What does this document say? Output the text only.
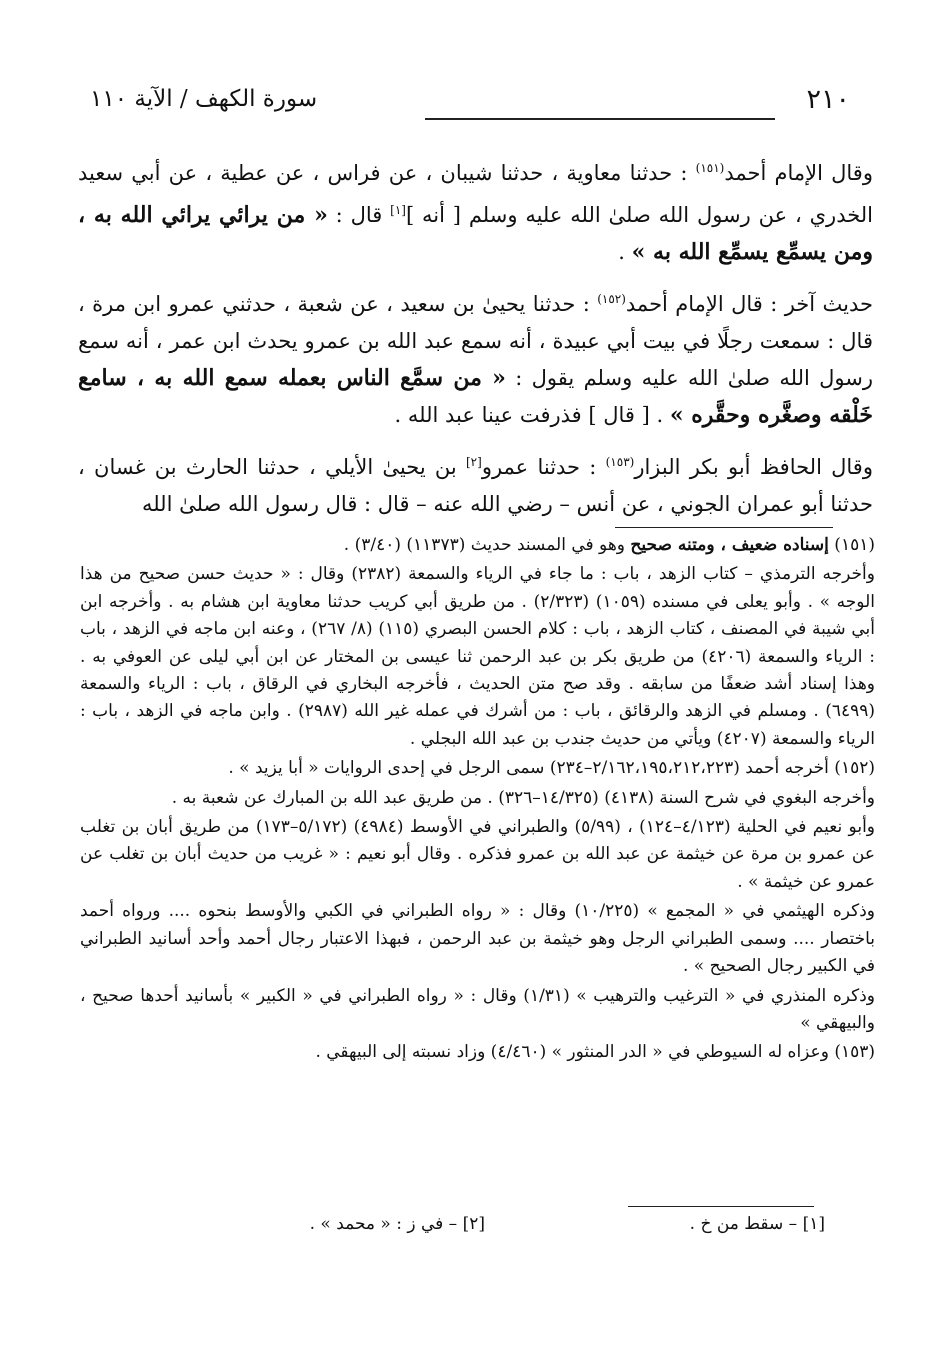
٢١٠
سورة الكهف / الآية ١١٠

وقال الإمام أحمد$^{(١٥١)}$ : حدثنا معاوية ، حدثنا شيبان ، عن فراس ، عن عطية ، عن أبي سعيد الخدري ، عن رسول الله صلىٰ الله عليه وسلم [ أنه ][١] قال : « من يرائي يرائي الله به ، ومن يسمِّع يسمِّع الله به » .

حديث آخر : قال الإمام أحمد$^{(١٥٢)}$ : حدثنا يحيىٰ بن سعيد ، عن شعبة ، حدثني عمرو ابن مرة ، قال : سمعت رجلًا في بيت أبي عبيدة ، أنه سمع عبد الله بن عمرو يحدث ابن عمر ، أنه سمع رسول الله صلىٰ الله عليه وسلم يقول : « من سمَّع الناس بعمله سمع الله به ، سامع خَلْقه وصغَّره وحقَّره » . [ قال ] فذرفت عينا عبد الله .

وقال الحافظ أبو بكر البزار$^{(١٥٣)}$ : حدثنا عمرو[٢] بن يحيىٰ الأيلي ، حدثنا الحارث بن غسان ، حدثنا أبو عمران الجوني ، عن أنس – رضي الله عنه – قال : قال رسول الله صلىٰ الله

(١٥١) إسناده ضعيف ، ومتنه صحيح وهو في المسند حديث (١١٣٧٣) (٣/٤٠) .

وأخرجه الترمذي – كتاب الزهد ، باب : ما جاء في الرياء والسمعة (٢٣٨٢) وقال : « حديث حسن صحيح من هذا الوجه » . وأبو يعلى في مسنده (١٠٥٩) (٢/٣٢٣) . من طريق أبي كريب حدثنا معاوية ابن هشام به . وأخرجه ابن أبي شيبة في المصنف ، كتاب الزهد ، باب : كلام الحسن البصري (١١٥) (٨/ ٢٦٧) ، وعنه ابن ماجه في الزهد ، باب : الرياء والسمعة (٤٢٠٦) من طريق بكر بن عبد الرحمن ثنا عيسى بن المختار عن ابن أبي ليلى عن العوفي به . وهذا إسناد أشد ضعفًا من سابقه . وقد صح متن الحديث ، فأخرجه البخاري في الرقاق ، باب : الرياء والسمعة (٦٤٩٩) . ومسلم في الزهد والرقائق ، باب : من أشرك في عمله غير الله (٢٩٨٧) . وابن ماجه في الزهد ، باب : الرياء والسمعة (٤٢٠٧) ويأتي من حديث جندب بن عبد الله البجلي .

(١٥٢) أخرجه أحمد (٢/١٦٢،١٩٥،٢١٢،٢٢٣–٢٣٤) سمى الرجل في إحدى الروايات « أبا يزيد » .

وأخرجه البغوي في شرح السنة (٤١٣٨) (١٤/٣٢٥–٣٢٦) . من طريق عبد الله بن المبارك عن شعبة به .

وأبو نعيم في الحلية (٤/١٢٣–١٢٤) ، (٥/٩٩) والطبراني في الأوسط (٤٩٨٤) (٥/١٧٢–١٧٣) من طريق أبان بن تغلب عن عمرو بن مرة عن خيثمة عن عبد الله بن عمرو فذكره . وقال أبو نعيم : « غريب من حديث أبان بن تغلب عن عمرو عن خيثمة » .

وذكره الهيثمي في « المجمع » (١٠/٢٢٥) وقال : « رواه الطبراني في الكبي والأوسط بنحوه .... ورواه أحمد باختصار .... وسمى الطبراني الرجل وهو خيثمة بن عبد الرحمن ، فبهذا الاعتبار رجال أحمد وأحد أسانيد الطبراني في الكبير رجال الصحيح » .

وذكره المنذري في « الترغيب والترهيب » (١/٣١) وقال : « رواه الطبراني في « الكبير » بأسانيد أحدها صحيح ، والبيهقي »

(١٥٣) وعزاه له السيوطي في « الدر المنثور » (٤/٤٦٠) وزاد نسبته إلى البيهقي .

[١] – سقط من خ .
[٢] – في ز : « محمد » .
